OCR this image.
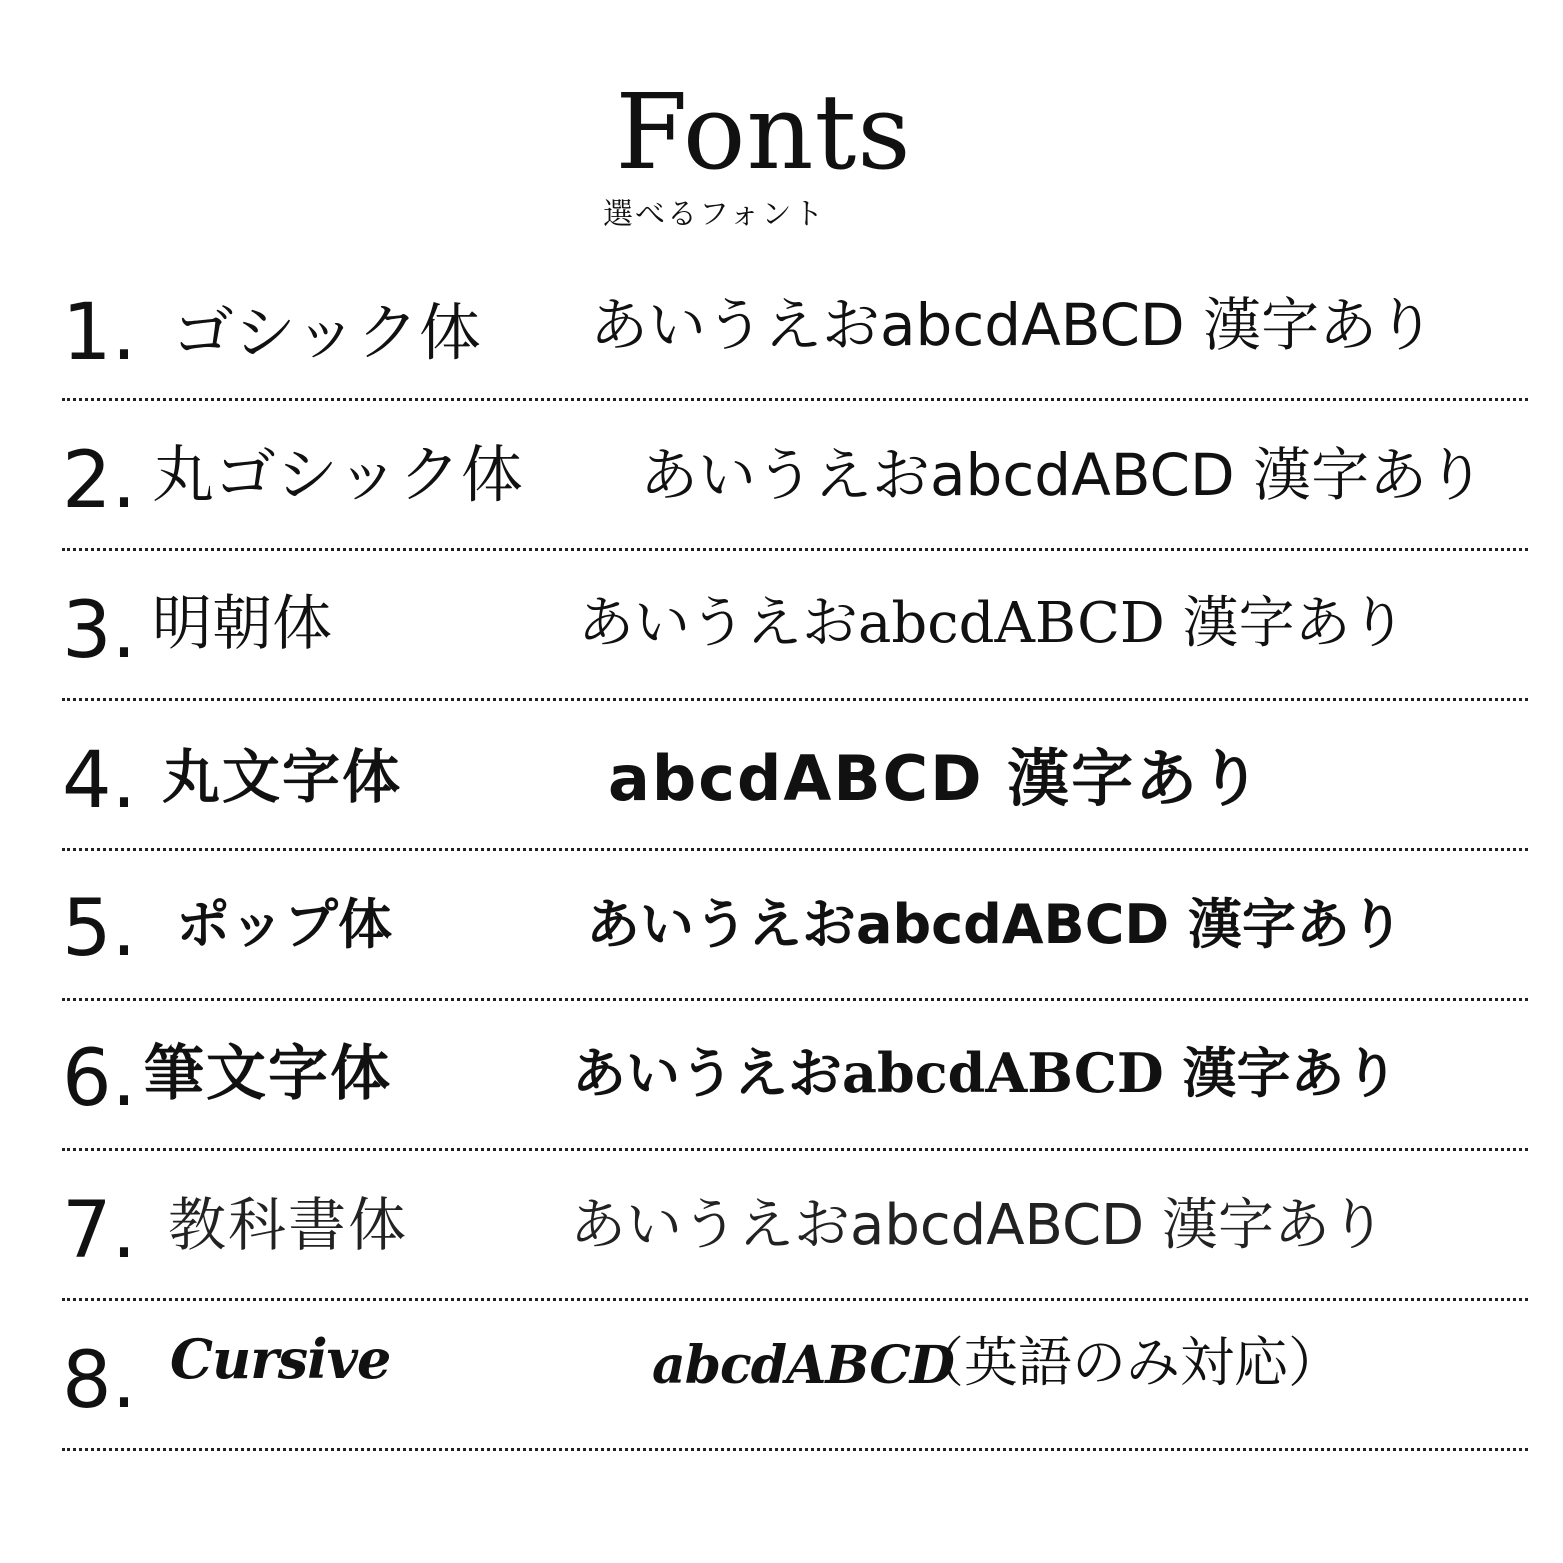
Fonts
選べるフォント
1. ゴシック体 あいうえおabcdABCD 漢字あり
2. 丸ゴシック体 あいうえおabcdABCD 漢字あり
3. 明朝体	あいうえおabcdABCD 漢字あり
4. 丸文字体	abcdABCD 漢字あり
5. ポップ体	あいうえおabcdABCD 漢字あり
6. 筆文字体	あいうえおabcdABCD 漢字あり
7. 教科書体	あいうえおabcdABCD 漢字あり
8. Cursive	abcdABCD
（英語のみ対応）
